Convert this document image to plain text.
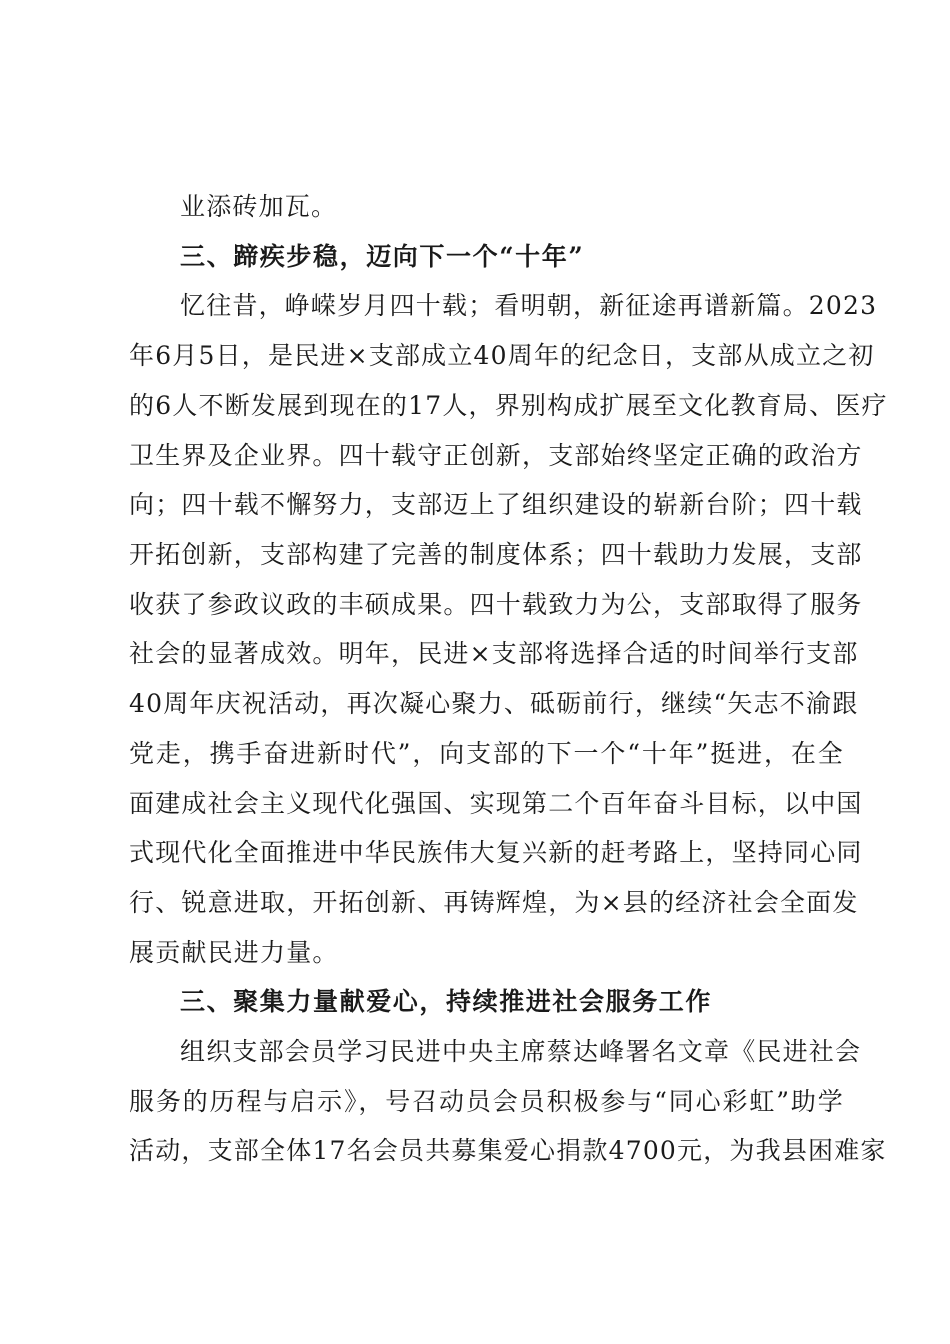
业添砖加瓦。
三、蹄疾步稳，迈向下一个“十年”
忆往昔，峥嵘岁月四十载；看明朝，新征途再谱新篇。2023
年6月5日，是民进×支部成立40周年的纪念日，支部从成立之初
的6人不断发展到现在的17人，界别构成扩展至文化教育局、医疗
卫生界及企业界。四十载守正创新，支部始终坚定正确的政治方
向；四十载不懈努力，支部迈上了组织建设的崭新台阶；四十载
开拓创新，支部构建了完善的制度体系；四十载助力发展，支部
收获了参政议政的丰硕成果。四十载致力为公，支部取得了服务
社会的显著成效。明年，民进×支部将选择合适的时间举行支部
40周年庆祝活动，再次凝心聚力、砥砺前行，继续“矢志不渝跟
党走，携手奋进新时代”，向支部的下一个“十年”挺进，在全
面建成社会主义现代化强国、实现第二个百年奋斗目标，以中国
式现代化全面推进中华民族伟大复兴新的赶考路上，坚持同心同
行、锐意进取，开拓创新、再铸辉煌，为×县的经济社会全面发
展贡献民进力量。
三、聚集力量献爱心，持续推进社会服务工作
组织支部会员学习民进中央主席蔡达峰署名文章《民进社会
服务的历程与启示》，号召动员会员积极参与“同心彩虹”助学
活动，支部全体17名会员共募集爱心捐款4700元，为我县困难家
